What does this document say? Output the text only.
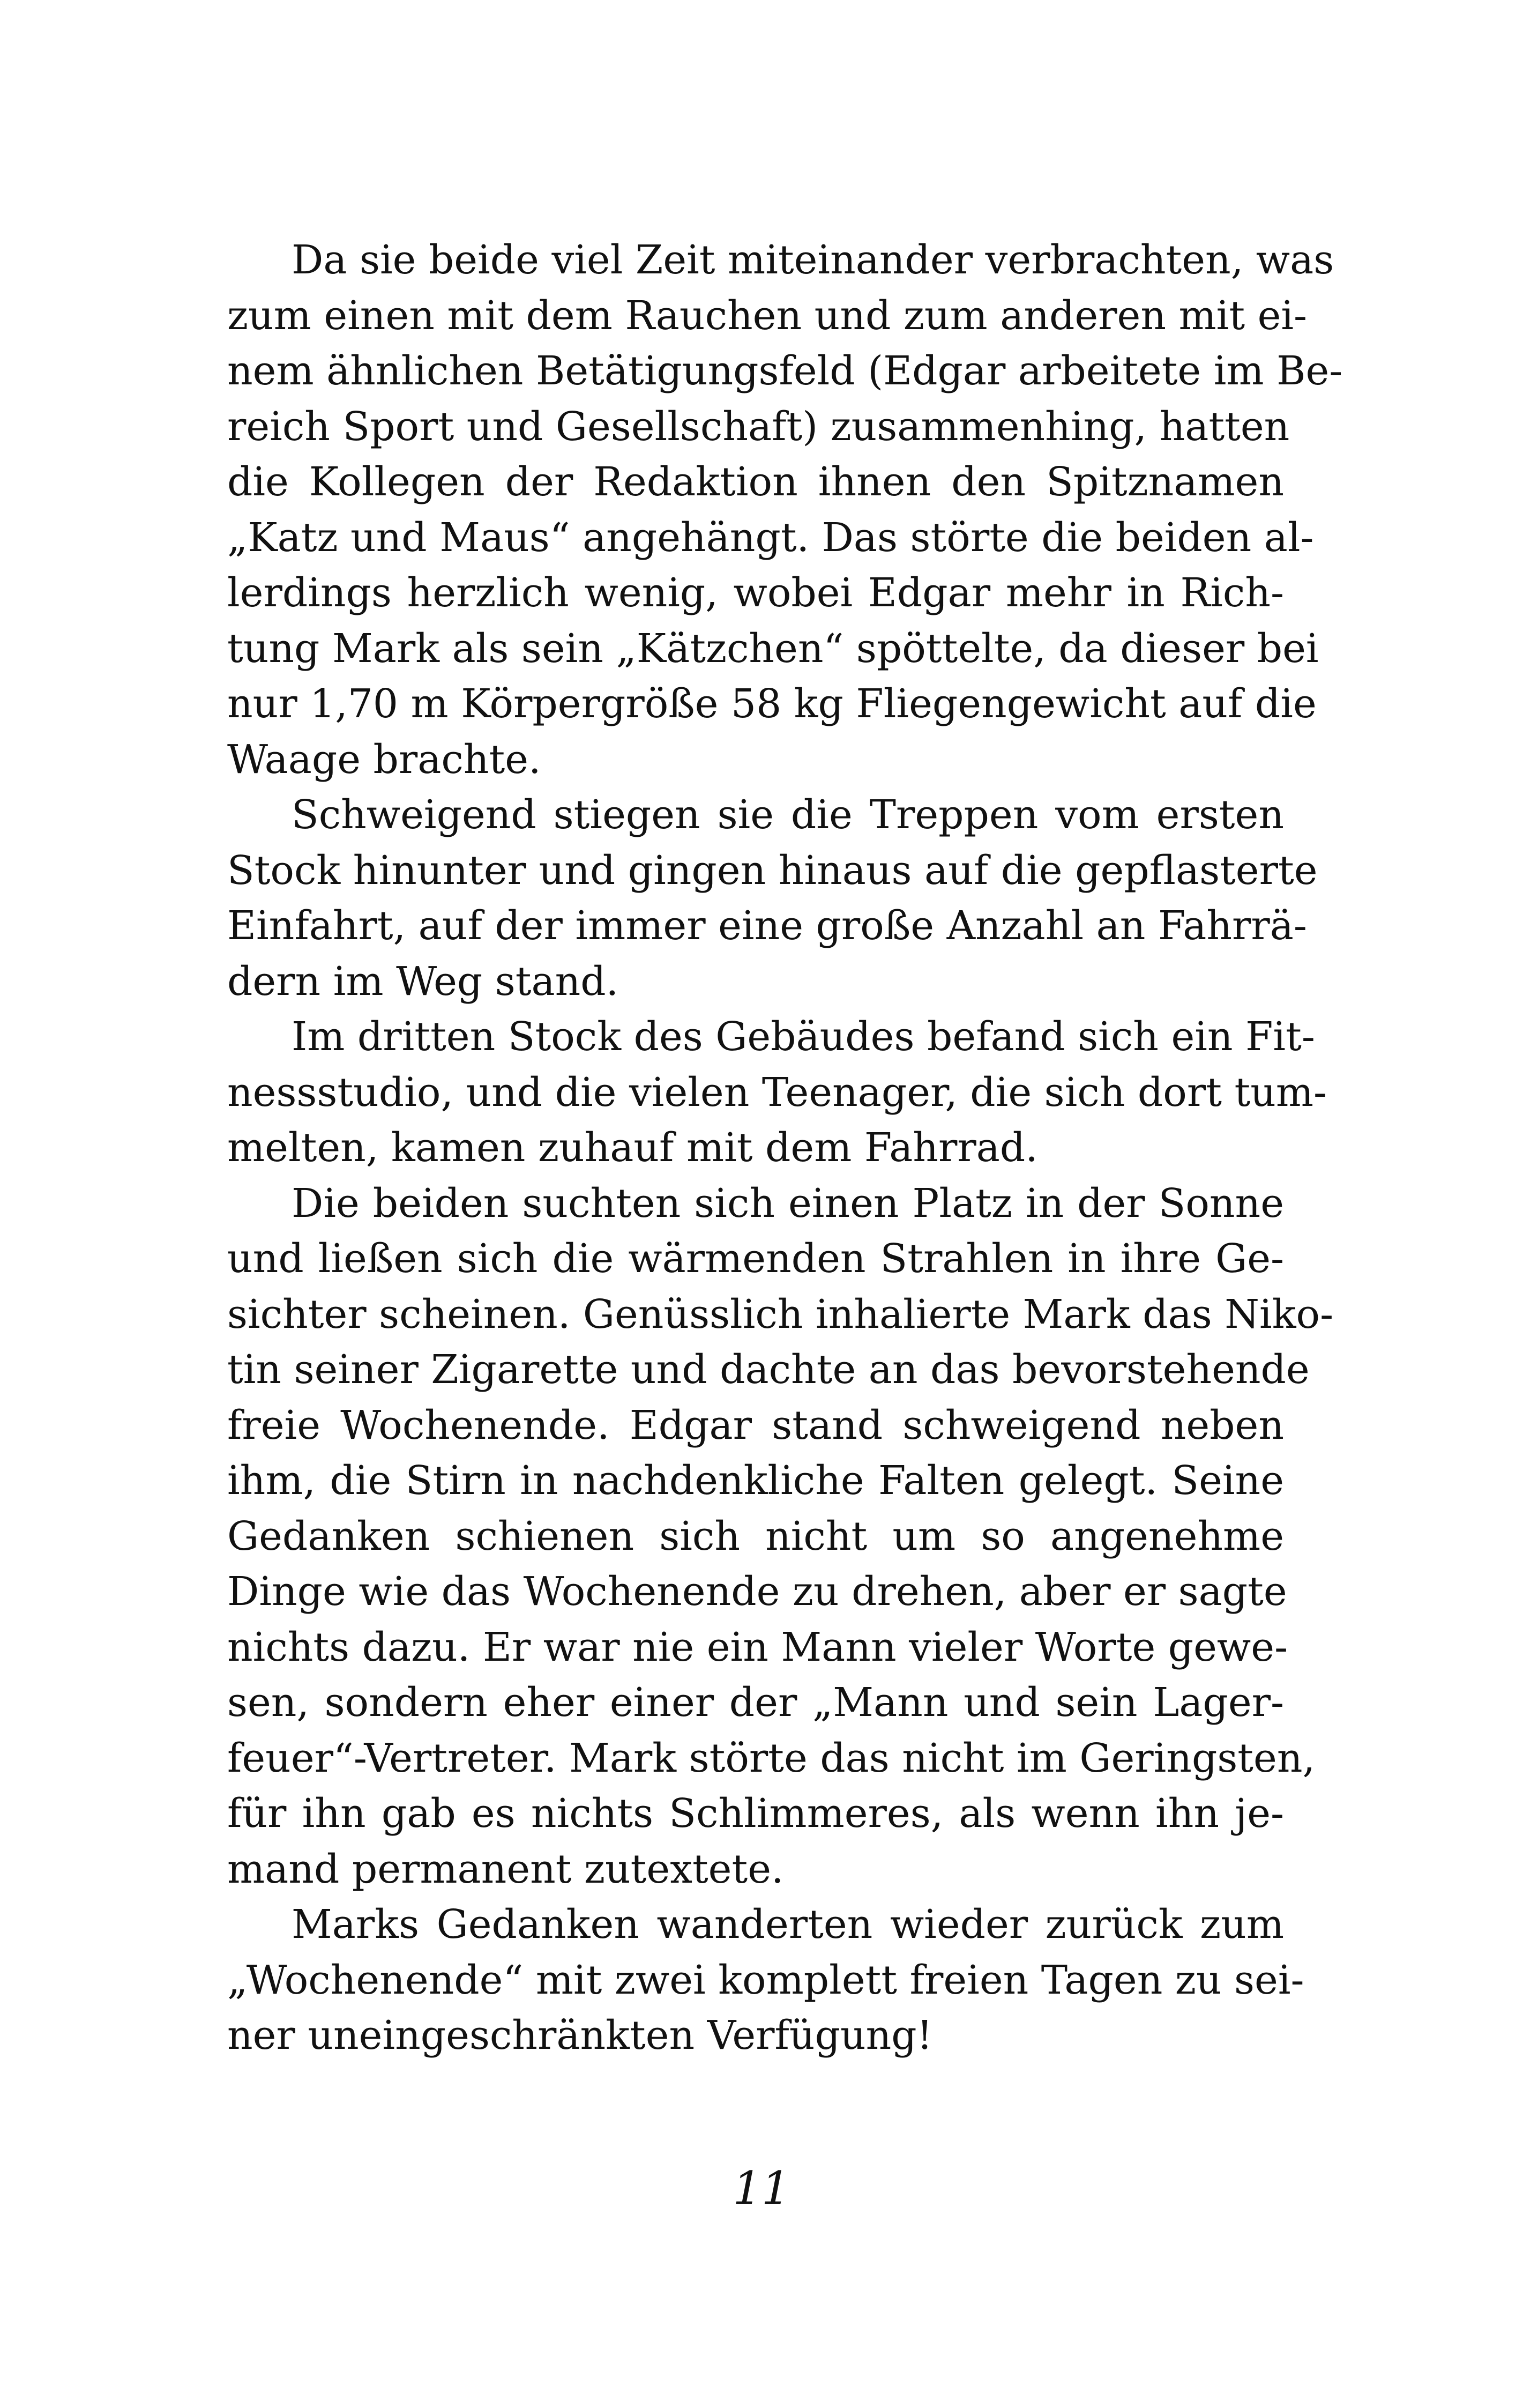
Da sie beide viel Zeit miteinander verbrachten, was
zum einen mit dem Rauchen und zum anderen mit ei-
nem ähnlichen Betätigungsfeld (Edgar arbeitete im Be-
reich Sport und Gesellschaft) zusammenhing, hatten
die Kollegen der Redaktion ihnen den Spitznamen
„Katz und Maus“ angehängt. Das störte die beiden al-
lerdings herzlich wenig, wobei Edgar mehr in Rich-
tung Mark als sein „Kätzchen“ spöttelte, da dieser bei
nur 1,70 m Körpergröße 58 kg Fliegengewicht auf die
Waage brachte.
Schweigend stiegen sie die Treppen vom ersten
Stock hinunter und gingen hinaus auf die gepflasterte
Einfahrt, auf der immer eine große Anzahl an Fahrrä-
dern im Weg stand.
Im dritten Stock des Gebäudes befand sich ein Fit-
nessstudio, und die vielen Teenager, die sich dort tum-
melten, kamen zuhauf mit dem Fahrrad.
Die beiden suchten sich einen Platz in der Sonne
und ließen sich die wärmenden Strahlen in ihre Ge-
sichter scheinen. Genüsslich inhalierte Mark das Niko-
tin seiner Zigarette und dachte an das bevorstehende
freie Wochenende. Edgar stand schweigend neben
ihm, die Stirn in nachdenkliche Falten gelegt. Seine
Gedanken schienen sich nicht um so angenehme
Dinge wie das Wochenende zu drehen, aber er sagte
nichts dazu. Er war nie ein Mann vieler Worte gewe-
sen, sondern eher einer der „Mann und sein Lager-
feuer“-Vertreter. Mark störte das nicht im Geringsten,
für ihn gab es nichts Schlimmeres, als wenn ihn je-
mand permanent zutextete.
Marks Gedanken wanderten wieder zurück zum
„Wochenende“ mit zwei komplett freien Tagen zu sei-
ner uneingeschränkten Verfügung!
11
